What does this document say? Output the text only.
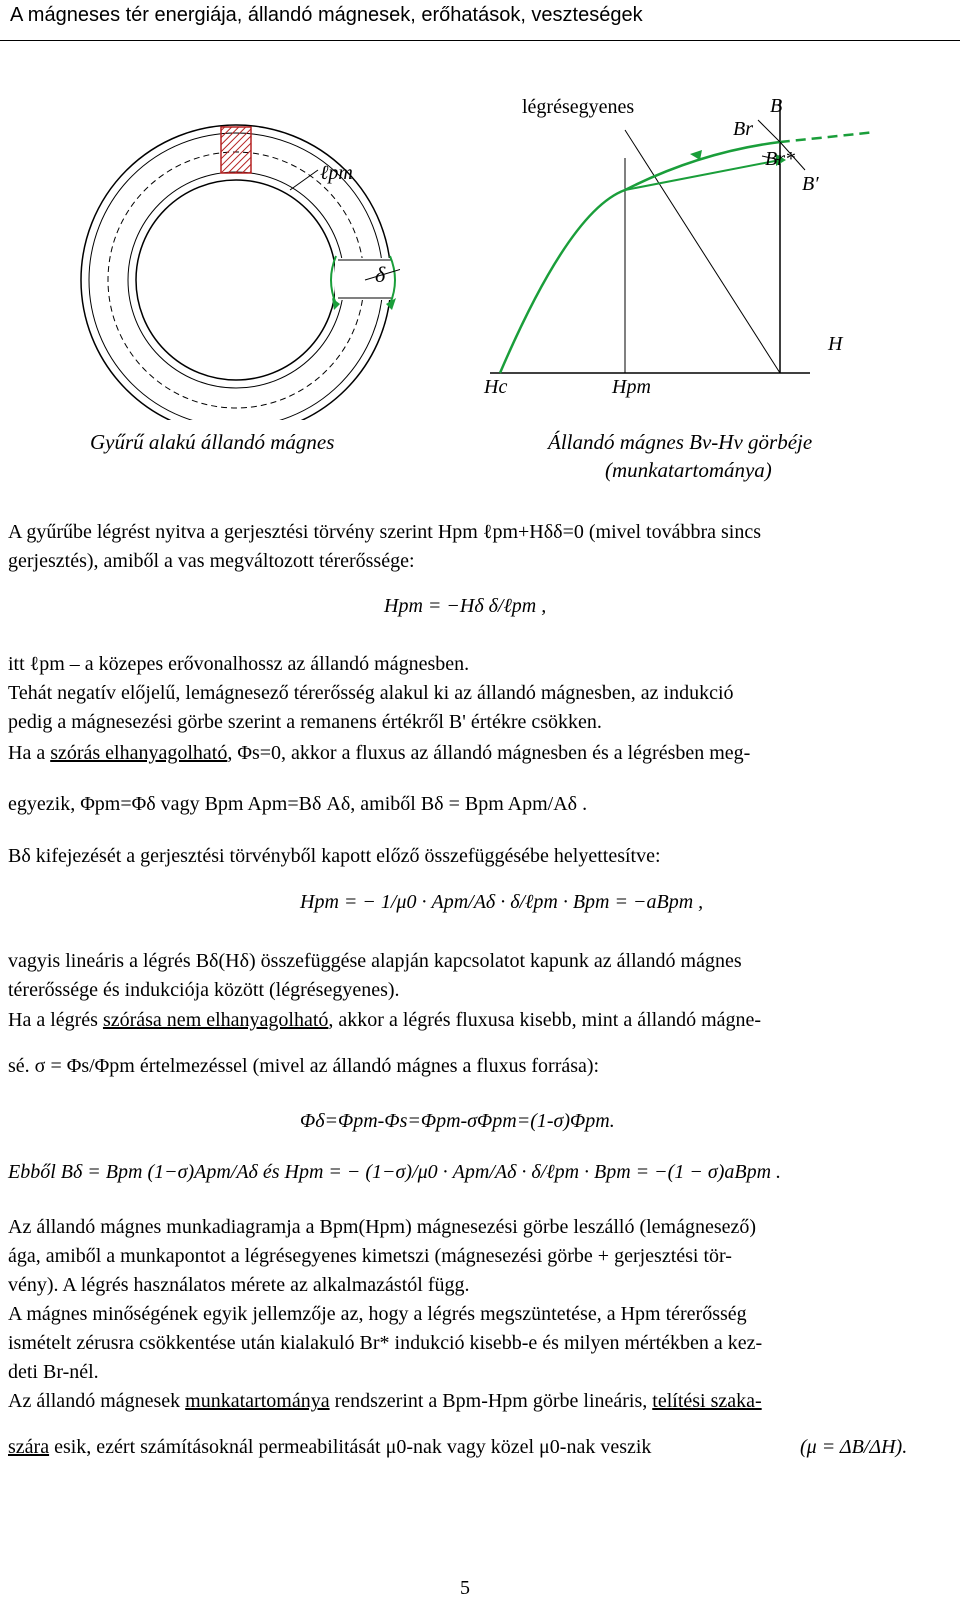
A mágneses tér energiája, állandó mágnesek, erőhatások, veszteségek
ℓpm
δ
Gyűrű alakú állandó mágnes
légrésegyenes	B
Br
Br*
B′
H
Hc	Hpm
Állandó mágnes Bv-Hv görbéje
(munkatartománya)
A gyűrűbe légrést nyitva a gerjesztési törvény szerint Hpm ℓpm+Hδδ=0 (mivel továbbra sincs
gerjesztés), amiből a vas megváltozott térerőssége:
Hpm = −Hδ δ/ℓpm ,
itt ℓpm – a közepes erővonalhossz az állandó mágnesben.
Tehát negatív előjelű, lemágnesező térerősség alakul ki az állandó mágnesben, az indukció
pedig a mágnesezési görbe szerint a remanens értékről B' értékre csökken.
Ha a szórás elhanyagolható, Φs=0, akkor a fluxus az állandó mágnesben és a légrésben meg-
egyezik, Φpm=Φδ vagy Bpm Apm=Bδ Aδ, amiből Bδ = Bpm Apm/Aδ .
Bδ kifejezését a gerjesztési törvényből kapott előző összefüggésébe helyettesítve:
Hpm = − 1/μ0 · Apm/Aδ · δ/ℓpm · Bpm = −aBpm ,
vagyis lineáris a légrés Bδ(Hδ) összefüggése alapján kapcsolatot kapunk az állandó mágnes
térerőssége és indukciója között (légrésegyenes).
Ha a légrés szórása nem elhanyagolható, akkor a légrés fluxusa kisebb, mint a állandó mágne-
sé. σ = Φs/Φpm értelmezéssel (mivel az állandó mágnes a fluxus forrása):
Φδ=Φpm-Φs=Φpm-σΦpm=(1-σ)Φpm.
Ebből Bδ = Bpm (1−σ)Apm/Aδ és Hpm = − (1−σ)/μ0 · Apm/Aδ · δ/ℓpm · Bpm = −(1 − σ)aBpm .
Az állandó mágnes munkadiagramja a Bpm(Hpm) mágnesezési görbe leszálló (lemágnesező)
ága, amiből a munkapontot a légrésegyenes kimetszi (mágnesezési görbe + gerjesztési tör-
vény). A légrés használatos mérete az alkalmazástól függ.
A mágnes minőségének egyik jellemzője az, hogy a légrés megszüntetése, a Hpm térerősség
ismételt zérusra csökkentése után kialakuló Br* indukció kisebb-e és milyen mértékben a kez-
deti Br-nél.
Az állandó mágnesek munkatartománya rendszerint a Bpm-Hpm görbe lineáris, telítési szaka-
szára esik, ezért számításoknál permeabilitását μ0-nak vagy közel μ0-nak veszik	(μ = ΔB/ΔH).
5
